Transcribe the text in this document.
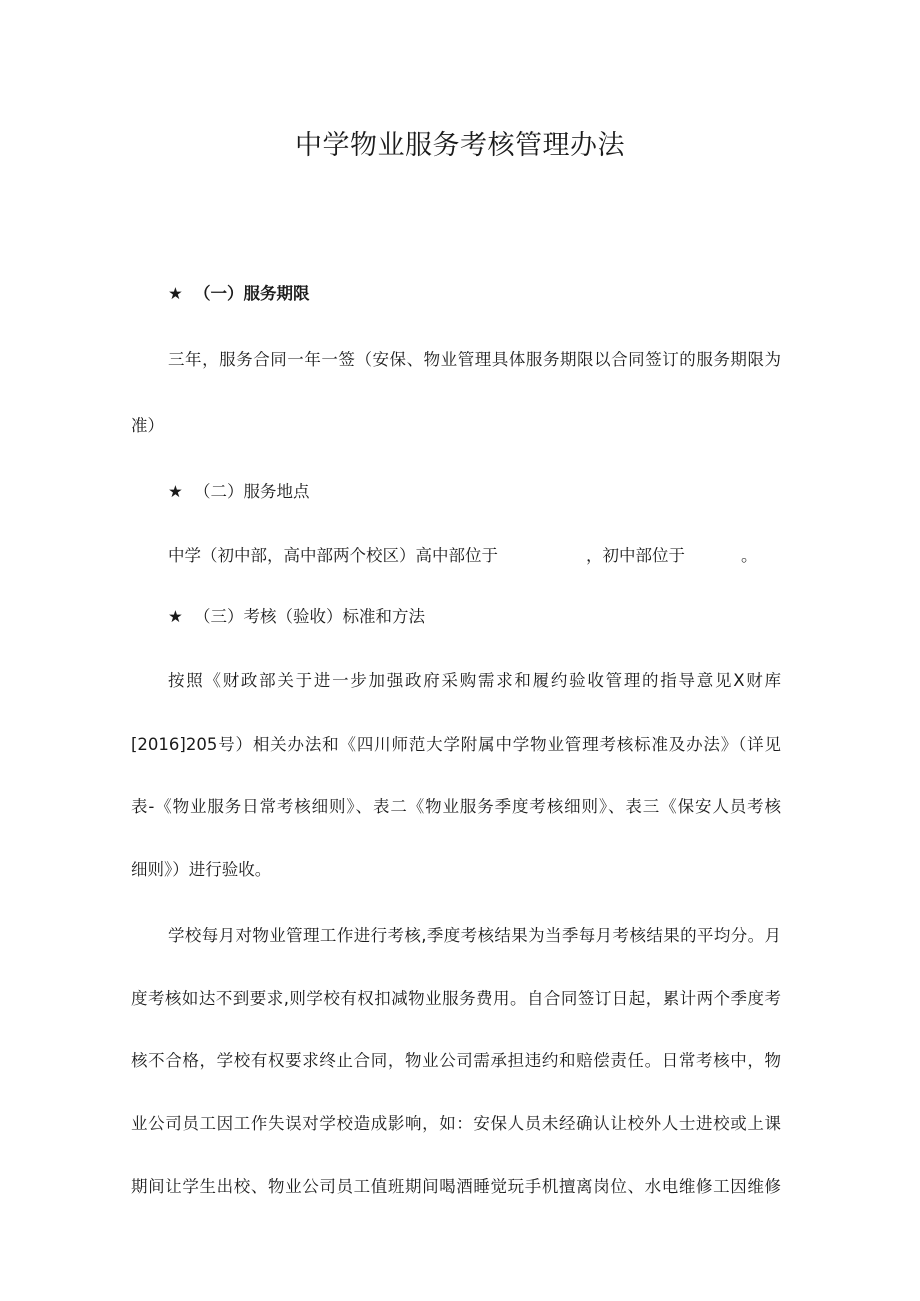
中学物业服务考核管理办法
★ （一）服务期限

三年，服务合同一年一签（安保、物业管理具体服务期限以合同签订的服务期限为

准）

★ （二）服务地点

中学（初中部，高中部两个校区）高中部位于	，初中部位于	。

★ （三）考核（验收）标准和方法

按照《财政部关于进一步加强政府采购需求和履约验收管理的指导意见X财库

[2016]205号）相关办法和《四川师范大学附属中学物业管理考核标准及办法》（详见

表-《物业服务日常考核细则》、表二《物业服务季度考核细则》、表三《保安人员考核

细则》）进行验收。

学校每月对物业管理工作进行考核,季度考核结果为当季每月考核结果的平均分。月

度考核如达不到要求,则学校有权扣减物业服务费用。自合同签订日起，累计两个季度考

核不合格，学校有权要求终止合同，物业公司需承担违约和赔偿责任。日常考核中，物

业公司员工因工作失误对学校造成影响，如：安保人员未经确认让校外人士进校或上课

期间让学生出校、物业公司员工值班期间喝酒睡觉玩手机擅离岗位、水电维修工因维修
